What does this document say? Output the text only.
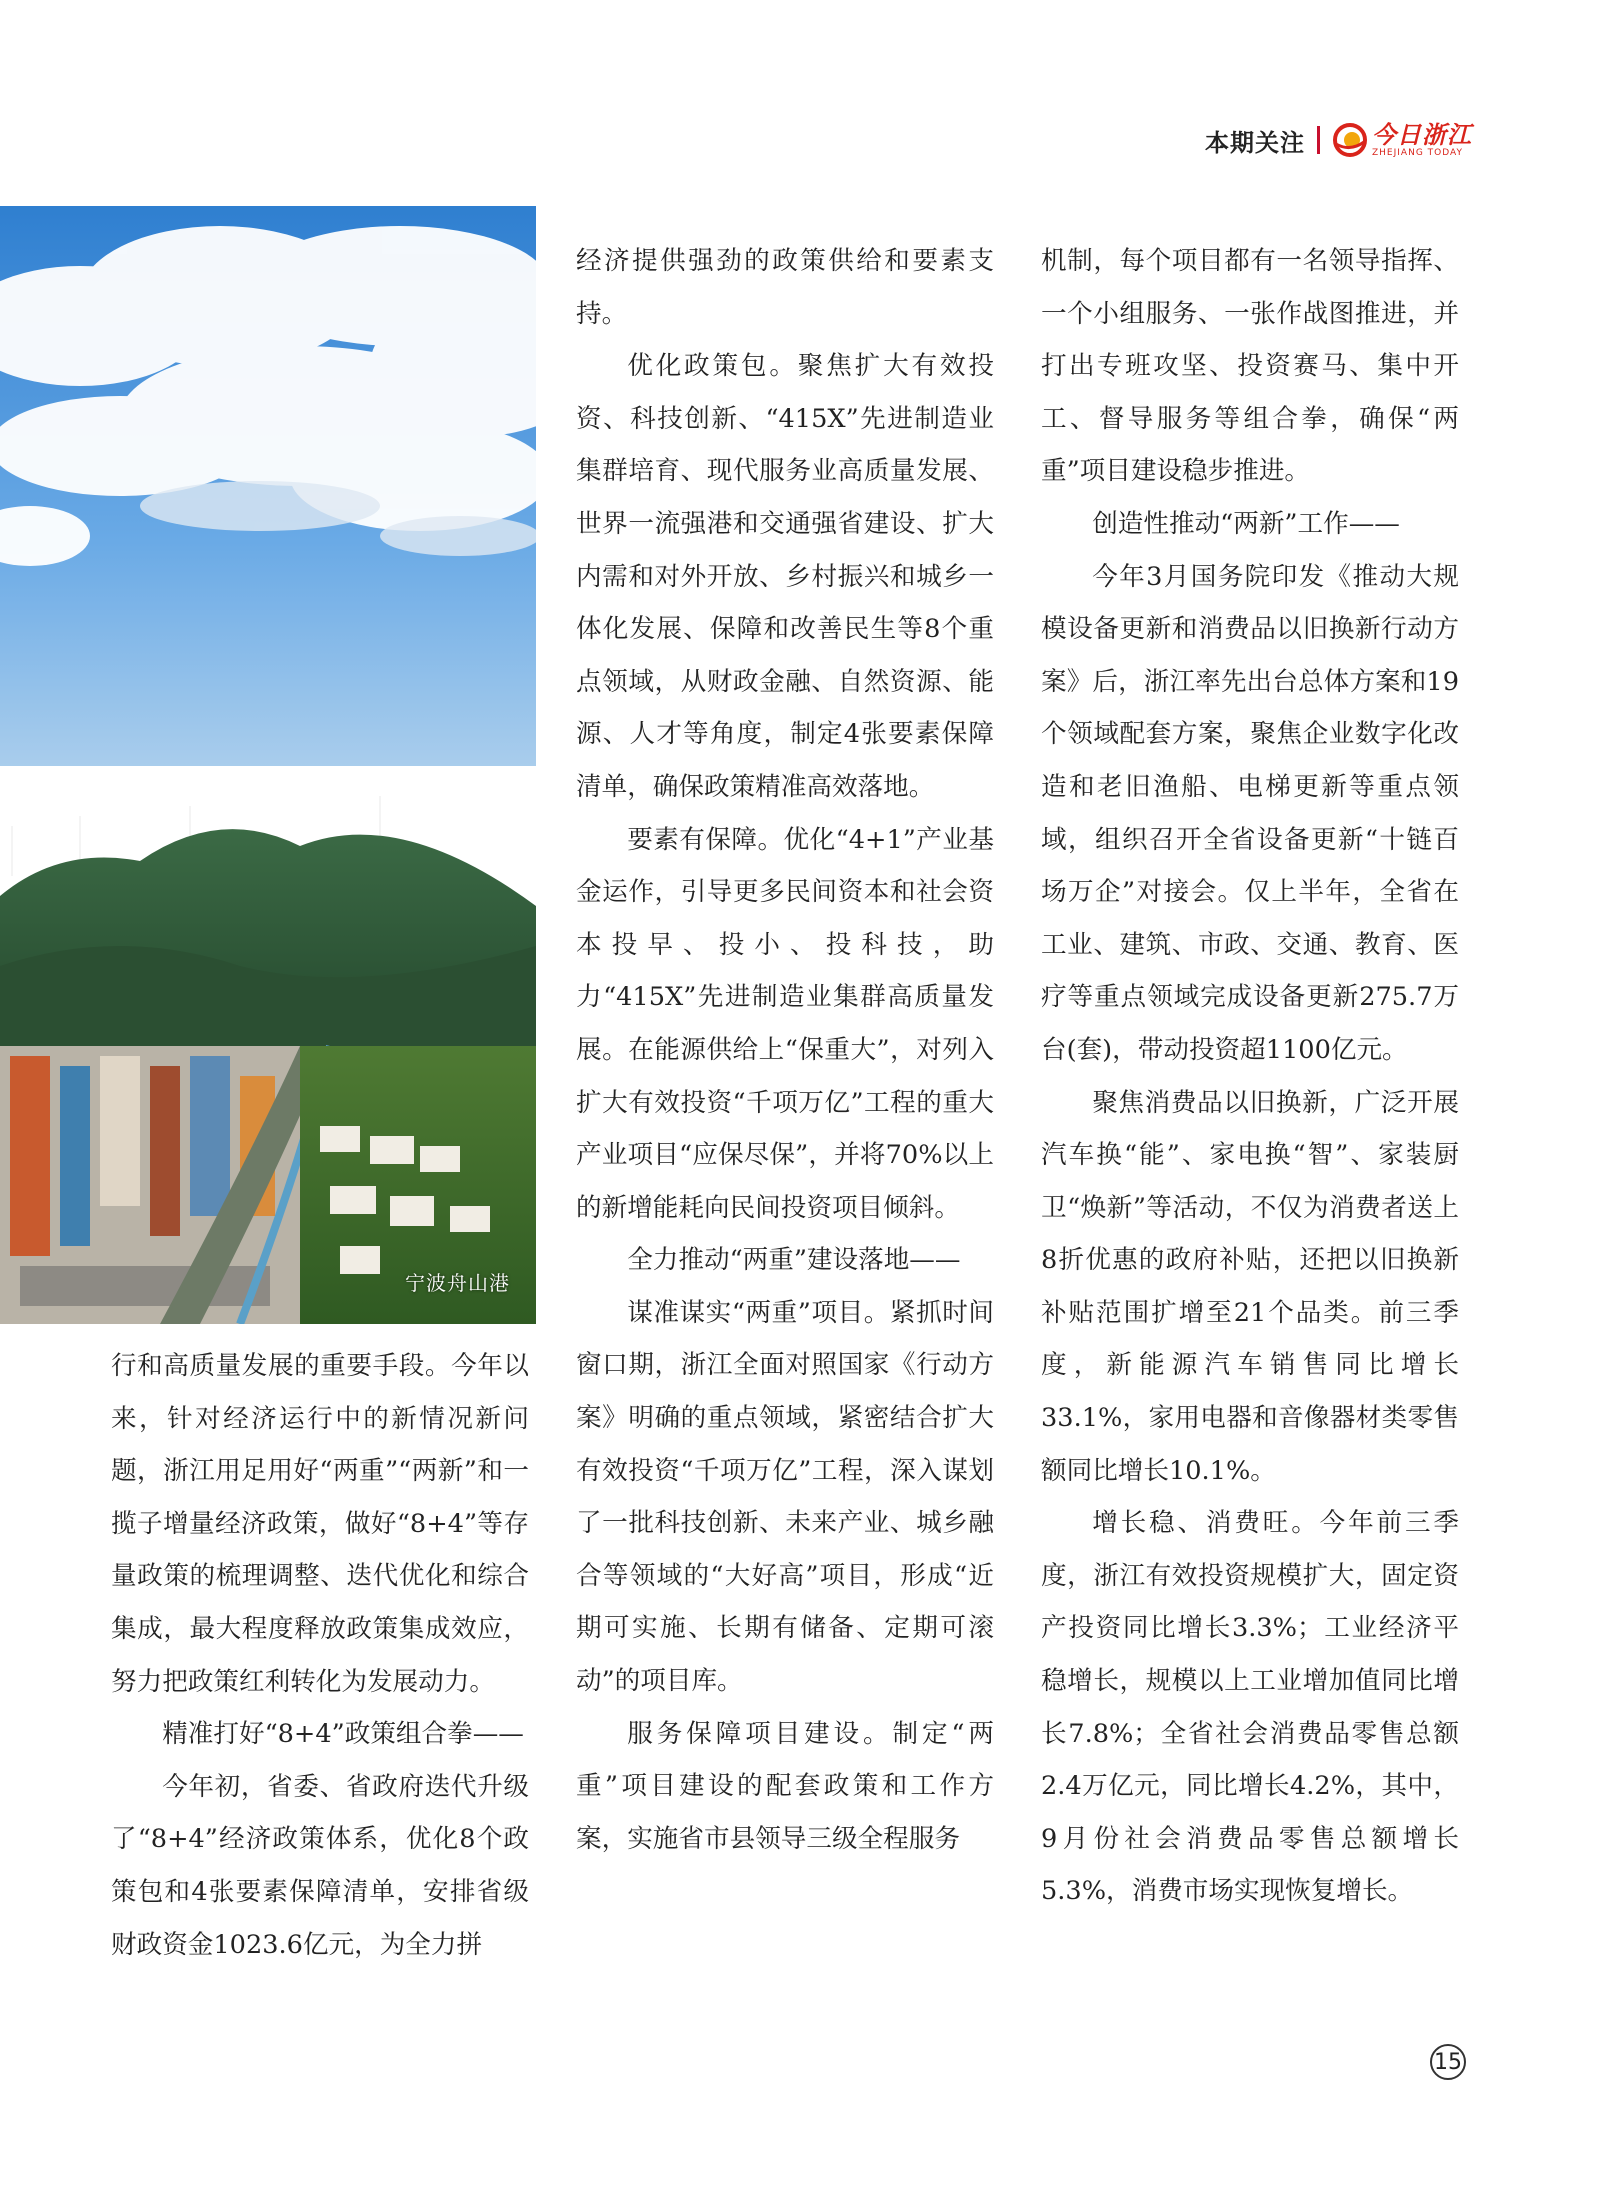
本期关注	今日浙江
ZHEJIANG TODAY
宁波舟山港

行和高质量发展的重要手段。今年以来，针对经济运行中的新情况新问题，浙江用足用好“两重”“两新”和一揽子增量经济政策，做好“8+4”等存量政策的梳理调整、迭代优化和综合集成，最大程度释放政策集成效应，努力把政策红利转化为发展动力。

精准打好“8+4”政策组合拳——

今年初，省委、省政府迭代升级了“8+4”经济政策体系，优化8个政策包和4张要素保障清单，安排省级财政资金1023.6亿元，为全力拼

经济提供强劲的政策供给和要素支持。

优化政策包。聚焦扩大有效投资、科技创新、“415X”先进制造业集群培育、现代服务业高质量发展、世界一流强港和交通强省建设、扩大内需和对外开放、乡村振兴和城乡一体化发展、保障和改善民生等8个重点领域，从财政金融、自然资源、能源、人才等角度，制定4张要素保障清单，确保政策精准高效落地。

要素有保障。优化“4+1”产业基金运作，引导更多民间资本和社会资本投早、投小、投科技，助力“415X”先进制造业集群高质量发展。在能源供给上“保重大”，对列入扩大有效投资“千项万亿”工程的重大产业项目“应保尽保”，并将70%以上的新增能耗向民间投资项目倾斜。

全力推动“两重”建设落地——

谋准谋实“两重”项目。紧抓时间窗口期，浙江全面对照国家《行动方案》明确的重点领域，紧密结合扩大有效投资“千项万亿”工程，深入谋划了一批科技创新、未来产业、城乡融合等领域的“大好高”项目，形成“近期可实施、长期有储备、定期可滚动”的项目库。

服务保障项目建设。制定“两重”项目建设的配套政策和工作方案，实施省市县领导三级全程服务

机制，每个项目都有一名领导指挥、一个小组服务、一张作战图推进，并打出专班攻坚、投资赛马、集中开工、督导服务等组合拳，确保“两重”项目建设稳步推进。

创造性推动“两新”工作——

今年3月国务院印发《推动大规模设备更新和消费品以旧换新行动方案》后，浙江率先出台总体方案和19个领域配套方案，聚焦企业数字化改造和老旧渔船、电梯更新等重点领域，组织召开全省设备更新“十链百场万企”对接会。仅上半年，全省在工业、建筑、市政、交通、教育、医疗等重点领域完成设备更新275.7万台(套)，带动投资超1100亿元。

聚焦消费品以旧换新，广泛开展汽车换“能”、家电换“智”、家装厨卫“焕新”等活动，不仅为消费者送上8折优惠的政府补贴，还把以旧换新补贴范围扩增至21个品类。前三季度，新能源汽车销售同比增长33.1%，家用电器和音像器材类零售额同比增长10.1%。

增长稳、消费旺。今年前三季度，浙江有效投资规模扩大，固定资产投资同比增长3.3%；工业经济平稳增长，规模以上工业增加值同比增长7.8%；全省社会消费品零售总额2.4万亿元，同比增长4.2%，其中，9月份社会消费品零售总额增长5.3%，消费市场实现恢复增长。

15
